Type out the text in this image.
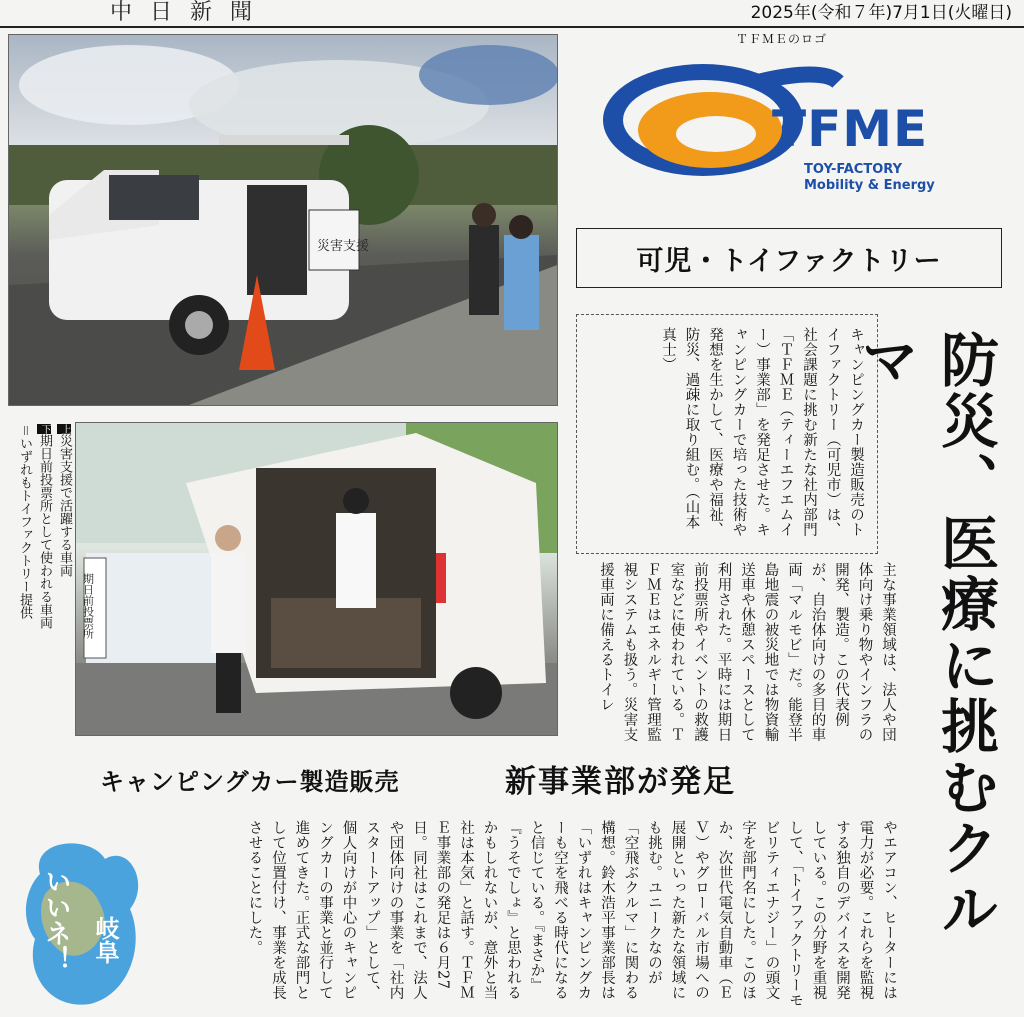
中日新聞	2025年(令和７年)7月1日(火曜日)
災害支援
期日前投票所
上災害支援で活躍する車両
下期日前投票所として使われる車両
＝いずれもトイファクトリー提供
ＴＦＭＥのロゴ
TFME
TOY-FACTORY
Mobility & Energy
可児・トイファクトリー
キャンピングカー製造販売のトイファクトリー（可児市）は、社会課題に挑む新たな社内部門「ＴＦＭＥ（ティーエフエムイー）事業部」を発足させた。キャンピングカーで培った技術や発想を生かして、医療や福祉、防災、過疎に取り組む。（山本真士）	防災、医療に挑むクルマ
主な事業領域は、法人や団体向け乗り物やインフラの開発、製造。この代表例が、自治体向けの多目的車両「マルモビ」だ。能登半島地震の被災地では物資輸送車や休憩スペースとして利用された。平時には期日前投票所やイベントの救護室などに使われている。ＴＦＭＥはエネルギー管理監視システムも扱う。災害支援車両に備えるトイレ
キャンピングカー製造販売	新事業部が発足
やエアコン、ヒーターには電力が必要。これらを監視する独自のデバイスを開発している。この分野を重視して、「トイファクトリーモビリティエナジー」の頭文字を部門名にした。このほか、次世代電気自動車（ＥＶ）やグローバル市場への展開といった新たな領域にも挑む。ユニークなのが「空飛ぶクルマ」に関わる構想。鈴木浩平事業部長は「いずれはキャンピングカーも空を飛べる時代になると信じている。『まさか』『うそでしょ』と思われるかもしれないが、意外と当社は本気」と話す。ＴＦＭＥ事業部の発足は６月27日。同社はこれまで、法人や団体向けの事業を「社内スタートアップ」として、個人向けが中心のキャンピングカーの事業と並行して進めてきた。正式な部門として位置付け、事業を成長させることにした。
いいネ！ 岐阜
